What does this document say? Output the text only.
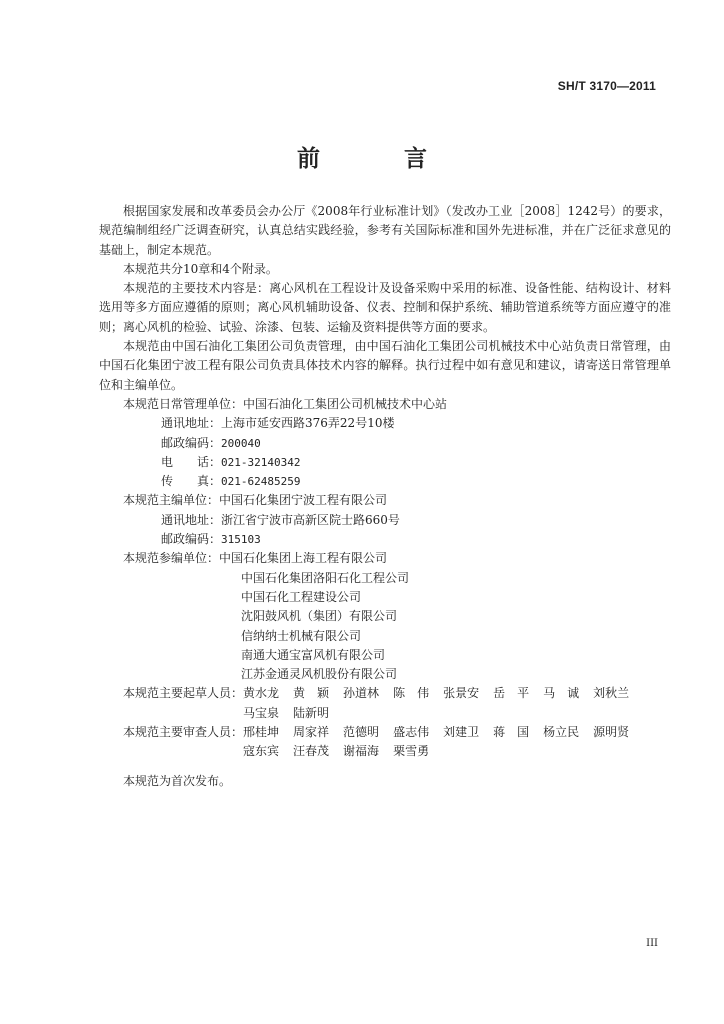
SH/T 3170—2011
前 言

根据国家发展和改革委员会办公厅《2008年行业标准计划》（发改办工业［2008］1242号）的要求，规范编制组经广泛调查研究，认真总结实践经验，参考有关国际标准和国外先进标准，并在广泛征求意见的基础上，制定本规范。

本规范共分10章和4个附录。

本规范的主要技术内容是：离心风机在工程设计及设备采购中采用的标准、设备性能、结构设计、材料选用等多方面应遵循的原则；离心风机辅助设备、仪表、控制和保护系统、辅助管道系统等方面应遵守的准则；离心风机的检验、试验、涂漆、包装、运输及资料提供等方面的要求。

本规范由中国石油化工集团公司负责管理，由中国石油化工集团公司机械技术中心站负责日常管理，由中国石化集团宁波工程有限公司负责具体技术内容的解释。执行过程中如有意见和建议，请寄送日常管理单位和主编单位。

本规范日常管理单位： 中国石油化工集团公司机械技术中心站
通讯地址： 上海市延安西路376弄22号10楼
邮政编码： 200040
电　　话： 021-32140342
传　　真： 021-62485259
本规范主编单位： 中国石化集团宁波工程有限公司
通讯地址： 浙江省宁波市高新区院士路660号
邮政编码： 315103
本规范参编单位： 中国石化集团上海工程有限公司
中国石化集团洛阳石化工程公司
中国石化工程建设公司
沈阳鼓风机（集团）有限公司
信纳纳士机械有限公司
南通大通宝富风机有限公司
江苏金通灵风机股份有限公司
本规范主要起草人员： 黄水龙 黄　颖 孙道林 陈　伟 张景安 岳　平 马　诚 刘秋兰
马宝泉 陆新明
本规范主要审查人员： 邢桂坤 周家祥 范德明 盛志伟 刘建卫 蒋　国 杨立民 源明贤
寇东宾 汪春茂 谢福海 栗雪勇
本规范为首次发布。
III
